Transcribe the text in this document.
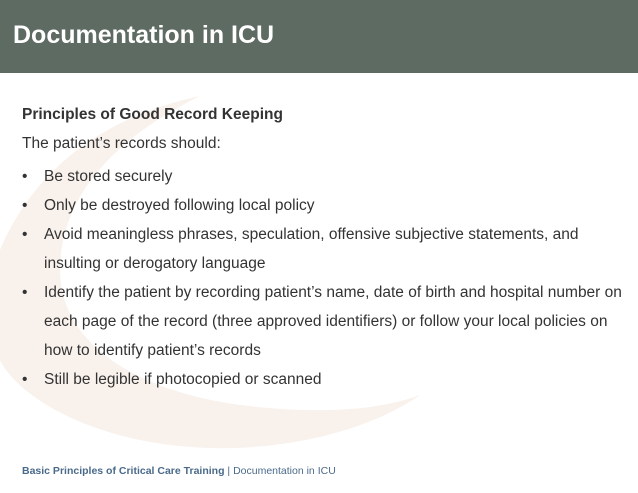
Documentation in ICU
Principles of Good Record Keeping
The patient’s records should:
• Be stored securely
• Only be destroyed following local policy
• Avoid meaningless phrases, speculation, offensive subjective statements, and insulting or derogatory language
• Identify the patient by recording patient’s name, date of birth and hospital number on each page of the record (three approved identifiers) or follow your local policies on how to identify patient’s records
• Still be legible if photocopied or scanned
Basic Principles of Critical Care Training | Documentation in ICU
